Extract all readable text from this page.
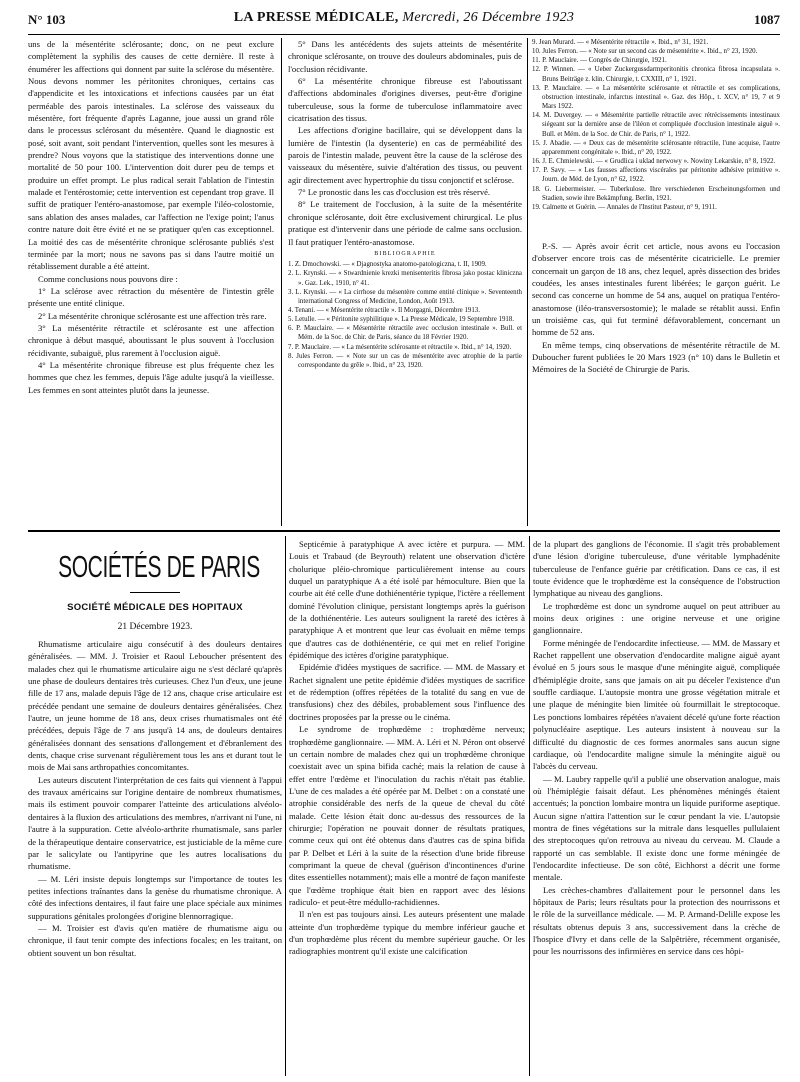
N° 103	LA PRESSE MÉDICALE, Mercredi, 26 Décembre 1923	1087

uns de la mésentérite sclérosante; donc, on ne peut exclure complètement la syphilis des causes de cette dernière. Il reste à énumérer les affections qui donnent par suite la sclérose du mésentère. Nous devons nommer les péritonites chroniques, certains cas d'appendicite et les intoxications et infections causées par un état perméable des parois intestinales. La sclérose des vaisseaux du mésentère, fort fréquente d'après Laganne, joue aussi un grand rôle dans le processus sclérosant du mésentère. Quand le diagnostic est posé, soit avant, soit pendant l'intervention, quelles sont les mesures à prendre? Nous voyons que la statistique des interventions donne une mortalité de 50 pour 100. L'intervention doit durer peu de temps et produire un effet prompt. Le plus radical serait l'ablation de l'intestin malade et l'entérostomie; cette intervention est cependant trop grave. Il suffit de pratiquer l'entéro-anastomose, par exemple l'iléo-colostomie, sans ablation des anses malades, car l'affection ne l'exige point; l'anus contre nature doit être évité et ne se pratiquer qu'en cas exceptionnel. La moitié des cas de mésentérite chronique sclérosante publiés s'est terminée par la mort; nous ne savons pas si dans l'autre moitié un rétablissement durable a été atteint.

Comme conclusions nous pouvons dire :

1° La sclérose avec rétraction du mésentère de l'intestin grêle présente une entité clinique.

2° La mésentérite chronique sclérosante est une affection très rare.

3° La mésentérite rétractile et sclérosante est une affection chronique à début masqué, aboutissant le plus souvent à l'occlusion récidivante, subaiguë, plus rarement à l'occlusion aiguë.

4° La mésentérite chronique fibreuse est plus fréquente chez les hommes que chez les femmes, depuis l'âge adulte jusqu'à la vieillesse. Les femmes en sont atteintes plutôt dans la jeunesse.

5° Dans les antécédents des sujets atteints de mésentérite chronique sclérosante, on trouve des douleurs abdominales, puis de l'occlusion récidivante.

6° La mésentérite chronique fibreuse est l'aboutissant d'affections abdominales d'origines diverses, peut-être d'origine tuberculeuse, sous la forme de tuberculose inflammatoire avec cicatrisation des tissus.

Les affections d'origine bacillaire, qui se développent dans la lumière de l'intestin (la dysenterie) en cas de perméabilité des parois de l'intestin malade, peuvent être la cause de la sclérose des vaisseaux du mésentère, suivie d'altération des tissus, ou peuvent agir directement avec hypertrophie du tissu conjonctif et sclérose.

7° Le pronostic dans les cas d'occlusion est très réservé.

8° Le traitement de l'occlusion, à la suite de la mésentérite chronique sclérosante, doit être exclusivement chirurgical. Le plus pratique est d'intervenir dans une période de calme sans occlusion. Il faut pratiquer l'entéro-anastomose.

BIBLIOGRAPHIE

1. Z. Dmochowski. — « Djagnostyka anatomo-patologiczna, t. II, 1909.

2. L. Krynski. — « Stwardnienie krezki menisenteritis fibrosa jako postac kliniczna ». Gaz. Lek., 1910, n° 41.

3. L. Krynski. — « La cirrhose du mésentère comme entité clinique ». Seventeenth international Congress of Medicine, London, Août 1913.

4. Tenani. — « Mésentérite rétractile ». Il Morgagni, Décembre 1913.

5. Letulle. — « Péritonite syphilitique ». La Presse Médicale, 19 Septembre 1918.

6. P. Mauclaire. — « Mésentérite rétractile avec occlusion intestinale ». Bull. et Mém. de la Soc. de Chir. de Paris, séance du 18 Février 1920.

7. P. Mauclaire. — « La mésentérite sclérosante et rétractile ». Ibid., n° 14, 1920.

8. Jules Ferron. — « Note sur un cas de mésentérite avec atrophie de la partie correspondante du grêle ». Ibid., n° 23, 1920.

9. Jean Murard. — « Mésentérite rétractile ». Ibid., n° 31, 1921.

10. Jules Ferron. — « Note sur un second cas de mésentérite ». Ibid., n° 23, 1920.

11. P. Mauclaire. — Congrès de Chirurgie, 1921.

12. P. Winnen. — « Ueber Zuckergussdarmperitonitis chronica fibrosa incapsulata ». Bruns Beiträge z. klin. Chirurgie, t. CXXIII, n° 1, 1921.

13. P. Mauclaire. — « La mésentérite sclérosante et rétractile et ses complications, obstruction intestinale, infarctus intestinal ». Gaz. des Hôp., t. XCV, n° 19, 7 et 9 Mars 1922.

14. M. Duvergey. — « Mésentérite partielle rétractile avec rétrécissements intestinaux siégeant sur la dernière anse de l'iléon et compliquée d'occlusion intestinale aiguë ». Bull. et Mém. de la Soc. de Chir. de Paris, n° 1, 1922.

15. J. Abadie. — « Deux cas de mésentérite sclérosante rétractile, l'une acquise, l'autre apparemment congénitale ». Ibid., n° 20, 1922.

16. J. E. Chmielewski. — « Grudlica i uklad nerwowy ». Nowiny Lekarskie, n° 8, 1922.

17. P. Savy. — « Les fausses affections viscérales par péritonite adhésive primitive ». Journ. de Méd. de Lyon, n° 62, 1922.

18. G. Liebermeister. — Tuberkulose. Ihre verschiedenen Erscheinungsformen und Stadien, sowie ihre Bekämpfung. Berlin, 1921.

19. Calmette et Guérin. — Annales de l'Institut Pasteur, n° 9, 1911.

P.-S. — Après avoir écrit cet article, nous avons eu l'occasion d'observer encore trois cas de mésentérite cicatricielle. Le premier concernait un garçon de 18 ans, chez lequel, après dissection des brides coudées, les anses intestinales furent libérées; le garçon guérit. Le second cas concerne un homme de 54 ans, auquel on pratiqua l'entéro-anastomose (iléo-transversostomie); le malade se rétablit aussi. Enfin un troisième cas, qui fut terminé défavorablement, concernant un homme de 52 ans.

En même temps, cinq observations de mésentérite rétractile de M. Duboucher furent publiées le 20 Mars 1923 (n° 10) dans le Bulletin et Mémoires de la Société de Chirurgie de Paris.

SOCIÉTÉS DE PARIS
SOCIÉTÉ MÉDICALE DES HOPITAUX
21 Décembre 1923.

Rhumatisme articulaire aigu consécutif à des douleurs dentaires généralisées. — MM. J. Troisier et Raoul Leboucher présentent des malades chez qui le rhumatisme articulaire aigu ne s'est déclaré qu'après une phase de douleurs dentaires très curieuses. Chez l'un d'eux, une jeune fille de 17 ans, malade depuis l'âge de 12 ans, chaque crise articulaire est précédée pendant une semaine de douleurs dentaires généralisées. Chez l'autre, un jeune homme de 18 ans, deux crises rhumatismales ont été précédées, depuis l'âge de 7 ans jusqu'à 14 ans, de douleurs dentaires généralisées donnant des sensations d'allongement et d'ébranlement des dents, chaque crise survenant régulièrement tous les ans et durant tout le mois de Mai sans arthropathies concomitantes.

Les auteurs discutent l'interprétation de ces faits qui viennent à l'appui des travaux américains sur l'origine dentaire de nombreux rhumatismes, mais ils estiment pouvoir comparer l'atteinte des articulations alvéolo-dentaires à la fluxion des articulations des membres, n'arrivant ni l'une, ni l'autre à la suppuration. Cette alvéolo-arthrite rhumatismale, sans parler de la thérapeutique dentaire conservatrice, est justiciable de la même cure par le salicylate ou l'antipyrine que les autres localisations du rhumatisme.

— M. Léri insiste depuis longtemps sur l'importance de toutes les petites infections traînantes dans la genèse du rhumatisme chronique. A côté des infections dentaires, il faut faire une place spéciale aux minimes suppurations génitales prolongées d'origine blennorragique.

— M. Troisier est d'avis qu'en matière de rhumatisme aigu ou chronique, il faut tenir compte des infections focales; en les traitant, on obtient souvent un bon résultat.

Septicémie à paratyphique A avec ictère et purpura. — MM. Louis et Trabaud (de Beyrouth) relatent une observation d'ictère cholurique pléio-chromique particulièrement intense au cours duquel un paratyphique A a été isolé par hémoculture. Bien que la courbe ait été celle d'une dothiénentérie typique, l'ictère a réellement dominé l'évolution clinique, persistant longtemps après la guérison de la dothiénentérie. Les auteurs soulignent la rareté des ictères à paratyphique A et montrent que leur cas évoluait en même temps que d'autres cas de dothiénentérie, ce qui met en relief l'origine épidémique des ictères d'origine paratyphique.

Epidémie d'idées mystiques de sacrifice. — MM. de Massary et Rachet signalent une petite épidémie d'idées mystiques de sacrifice et de rédemption (offres répétées de la totalité du sang en vue de transfusions) chez des débiles, probablement sous l'influence des doctrines proposées par la presse ou le cinéma.

Le syndrome de trophœdème : trophœdème nerveux; trophœdème ganglionnaire. — MM. A. Léri et N. Péron ont observé un certain nombre de malades chez qui un trophœdème chronique coexistait avec un spina bifida caché; mais la relation de cause à effet entre l'œdème et l'inoculation du rachis n'était pas établie. L'une de ces malades a été opérée par M. Delbet : on a constaté une atrophie considérable des nerfs de la queue de cheval du côté malade. Cette lésion était donc au-dessus des ressources de la chirurgie; l'opération ne pouvait donner de résultats pratiques, comme ceux qui ont été obtenus dans d'autres cas de spina bifida par P. Delbet et Léri à la suite de la résection d'une bride fibreuse comprimant la queue de cheval (guérison d'incontinences d'urine dites essentielles notamment); mais elle a montré de façon manifeste que l'œdème trophique était bien en rapport avec des lésions radiculo- et peut-être médullo-rachidiennes.

Il n'en est pas toujours ainsi. Les auteurs présentent une malade atteinte d'un trophœdème typique du membre inférieur gauche et d'un trophœdème plus récent du membre supérieur gauche. Or les radiographies montrent qu'il existe une calcification

de la plupart des ganglions de l'économie. Il s'agit très probablement d'une lésion d'origine tuberculeuse, d'une véritable lymphadénite tuberculeuse de l'enfance guérie par crétification. Dans ce cas, il est toute évidence que le trophœdème est la conséquence de l'obstruction lymphatique au niveau des ganglions.

Le trophœdème est donc un syndrome auquel on peut attribuer au moins deux origines : une origine nerveuse et une origine ganglionnaire.

Forme méningée de l'endocardite infectieuse. — MM. de Massary et Rachet rappellent une observation d'endocardite maligne aiguë ayant évolué en 5 jours sous le masque d'une méningite aiguë, compliquée d'hémiplégie droite, sans que jamais on ait pu déceler l'existence d'un souffle cardiaque. L'autopsie montra une grosse végétation mitrale et une plaque de méningite bien limitée où fourmillait le streptocoque. Les ponctions lombaires répétées n'avaient décelé qu'une forte réaction polynucléaire aseptique. Les auteurs insistent à nouveau sur la difficulté du diagnostic de ces formes anormales sans aucun signe cardiaque, où l'endocardite maligne simule la méningite aiguë ou l'abcès du cerveau.

— M. Laubry rappelle qu'il a publié une observation analogue, mais où l'hémiplégie faisait défaut. Les phénomènes méningés étaient accentués; la ponction lombaire montra un liquide puriforme aseptique. Aucun signe n'attira l'attention sur le cœur pendant la vie. L'autopsie montra de fines végétations sur la mitrale dans lesquelles pullulaient des streptocoques qu'on retrouva au niveau du cerveau. M. Claude a rapporté un cas semblable. Il existe donc une forme méningée de l'endocardite infectieuse. De son côté, Eichhorst a décrit une forme mentale.

Les crèches-chambres d'allaitement pour le personnel dans les hôpitaux de Paris; leurs résultats pour la protection des nourrissons et le rôle de la surveillance médicale. — M. P. Armand-Delille expose les résultats obtenus depuis 3 ans, successivement dans la crèche de l'hospice d'Ivry et dans celle de la Salpêtrière, récemment organisée, pour les nourrissons des infirmières en service dans ces hôpi-
